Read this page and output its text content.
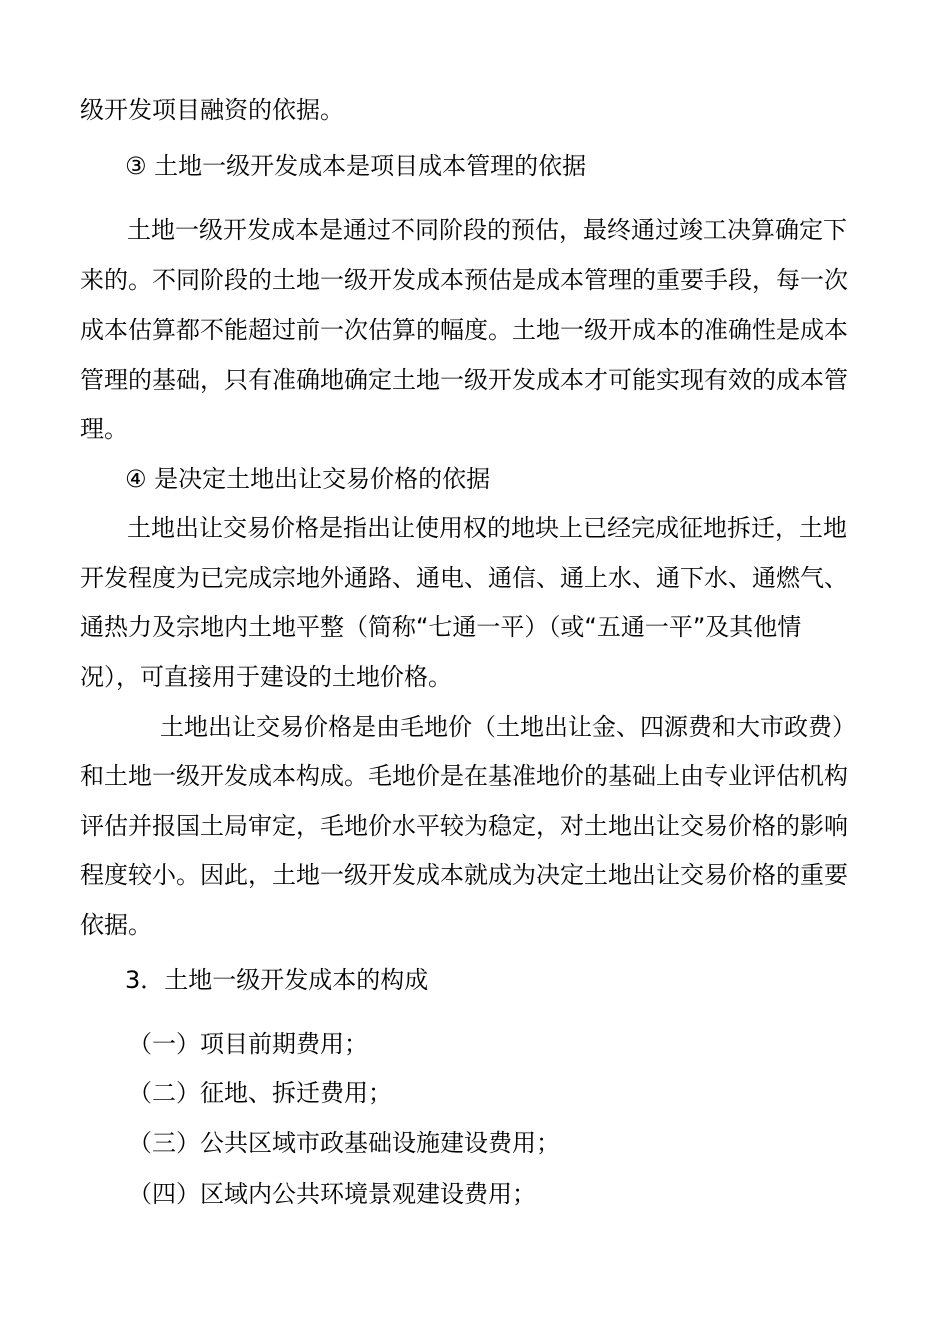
级开发项目融资的依据。
③ 土地一级开发成本是项目成本管理的依据
土地一级开发成本是通过不同阶段的预估，最终通过竣工决算确定下
来的。不同阶段的土地一级开发成本预估是成本管理的重要手段，每一次
成本估算都不能超过前一次估算的幅度。土地一级开成本的准确性是成本
管理的基础，只有准确地确定土地一级开发成本才可能实现有效的成本管
理。
④ 是决定土地出让交易价格的依据
土地出让交易价格是指出让使用权的地块上已经完成征地拆迁，土地
开发程度为已完成宗地外通路、通电、通信、通上水、通下水、通燃气、
通热力及宗地内土地平整（简称“七通一平）（或“五通一平”及其他情
况），可直接用于建设的土地价格。
土地出让交易价格是由毛地价（土地出让金、四源费和大市政费）
和土地一级开发成本构成。毛地价是在基准地价的基础上由专业评估机构
评估并报国土局审定，毛地价水平较为稳定，对土地出让交易价格的影响
程度较小。因此，土地一级开发成本就成为决定土地出让交易价格的重要
依据。
3．土地一级开发成本的构成
（一）项目前期费用；
（二）征地、拆迁费用；
（三）公共区域市政基础设施建设费用；
（四）区域内公共环境景观建设费用；
